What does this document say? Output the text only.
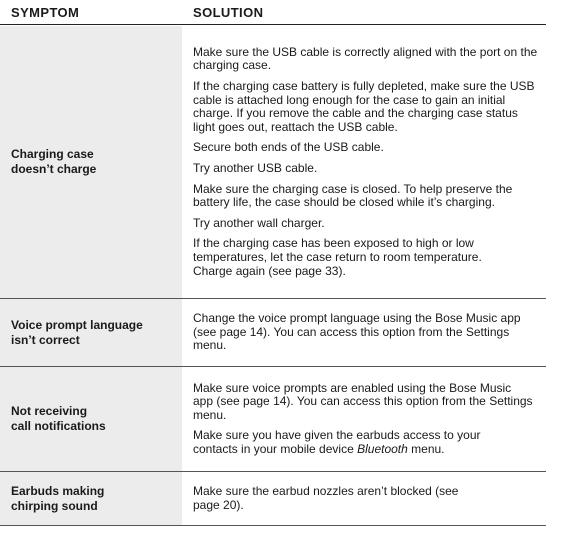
SYMPTOM	SOLUTION
Charging case
doesn’t charge

Make sure the USB cable is correctly aligned with the port on the charging case.

If the charging case battery is fully depleted, make sure the USB cable is attached long enough for the case to gain an initial charge. If you remove the cable and the charging case status light goes out, reattach the USB cable.

Secure both ends of the USB cable.

Try another USB cable.

Make sure the charging case is closed. To help preserve the battery life, the case should be closed while it’s charging.

Try another wall charger.

If the charging case has been exposed to high or low temperatures, let the case return to room temperature. Charge again (see page 33).

Voice prompt language
isn’t correct

Change the voice prompt language using the Bose Music app (see page 14). You can access this option from the Settings menu.

Not receiving
call notifications

Make sure voice prompts are enabled using the Bose Music app (see page 14). You can access this option from the Settings menu.

Make sure you have given the earbuds access to your contacts in your mobile device Bluetooth menu.

Earbuds making
chirping sound

Make sure the earbud nozzles aren’t blocked (see page 20).
